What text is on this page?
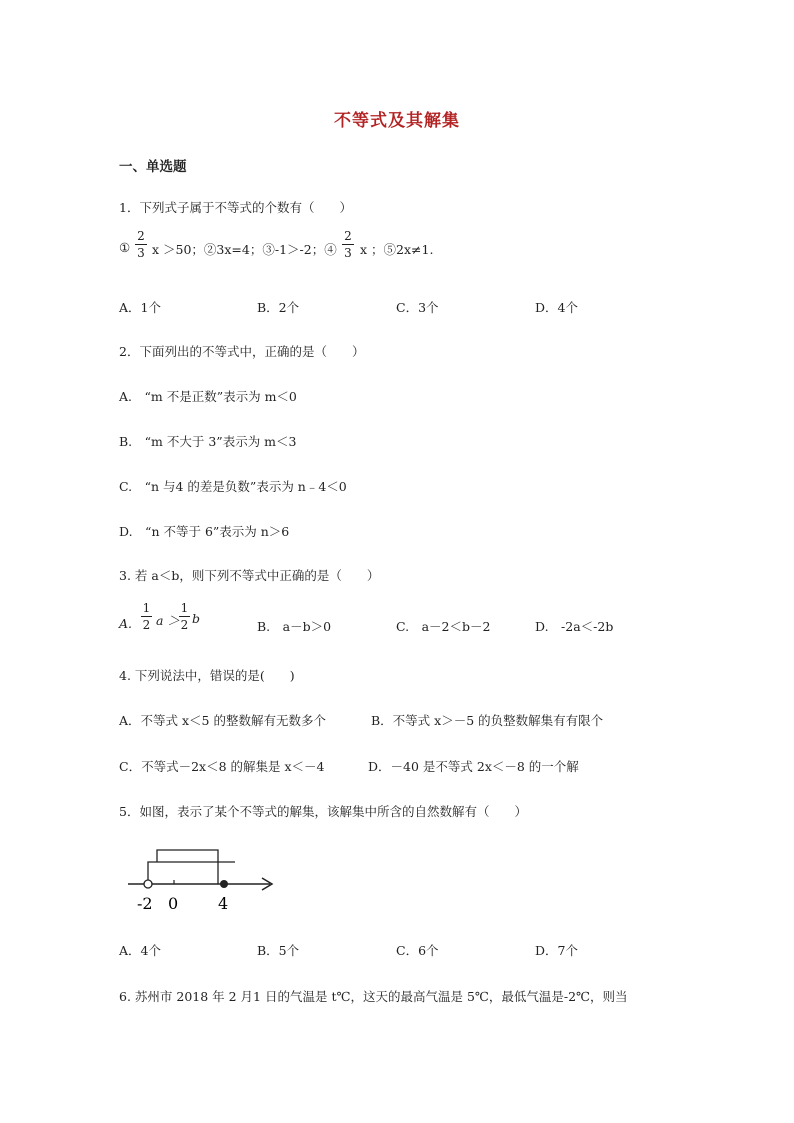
不等式及其解集
一、单选题
1．下列式子属于不等式的个数有（　　）
①
2
3 x ＞50；②3x=4；③-1＞-2；④
2
3 x ；⑤2x≠1.
A．1个	B．2个	C．3个	D．4个
2．下面列出的不等式中，正确的是（　　）
A.　“m 不是正数”表示为 m＜0
B.　“m 不大于 3”表示为 m＜3
C.　“n 与4 的差是负数”表示为 n﹣4＜0
D.　“n 不等于 6”表示为 n＞6
3. 若 a＜b，则下列不等式中正确的是（　　）
A.
1
2 a ＞
1
2 b
B.　a－b＞0	C.　a－2＜b－2	D.　-2a＜-2b
4. 下列说法中，错误的是(　　)
A．不等式 x＜5 的整数解有无数多个	B．不等式 x＞－5 的负整数解集有有限个
C．不等式－2x＜8 的解集是 x＜－4	D．－40 是不等式 2x＜－8 的一个解
5．如图，表示了某个不等式的解集，该解集中所含的自然数解有（　　）
-2 0 4
A．4个	B．5个	C．6个	D．7个
6. 苏州市 2018 年 2 月1 日的气温是 t℃，这天的最高气温是 5℃，最低气温是-2℃，则当
